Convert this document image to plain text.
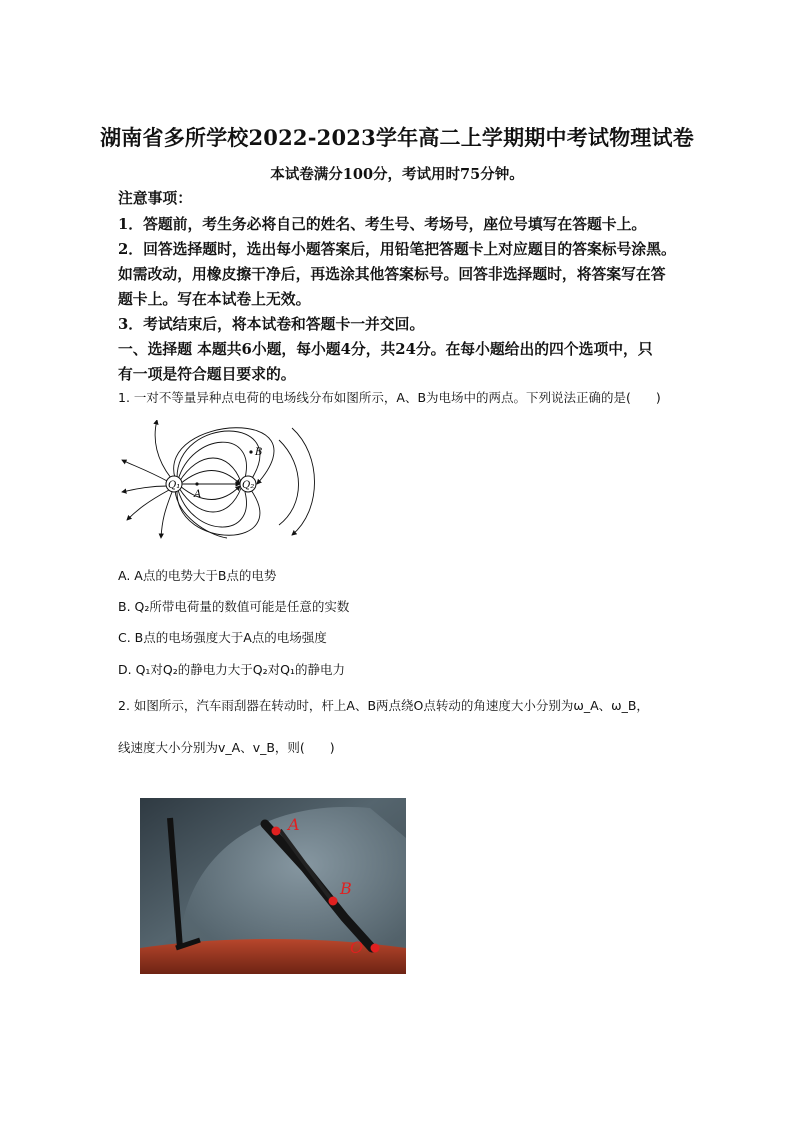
湖南省多所学校2022-2023学年高二上学期期中考试物理试卷
本试卷满分100分，考试用时75分钟。
注意事项：
1．答题前，考生务必将自己的姓名、考生号、考场号，座位号填写在答题卡上。
2．回答选择题时，选出每小题答案后，用铅笔把答题卡上对应题目的答案标号涂黑。
如需改动，用橡皮擦干净后，再选涂其他答案标号。回答非选择题时，将答案写在答
题卡上。写在本试卷上无效。
3．考试结束后，将本试卷和答题卡一并交回。
一、选择题 本题共6小题，每小题4分，共24分。在每小题给出的四个选项中，只
有一项是符合题目要求的。
1. 一对不等量异种点电荷的电场线分布如图所示，A、B为电场中的两点。下列说法正确的是(　　)
Q₁	Q₂
A
B
A. A点的电势大于B点的电势
B. Q₂所带电荷量的数值可能是任意的实数
C. B点的电场强度大于A点的电场强度
D. Q₁对Q₂的静电力大于Q₂对Q₁的静电力
2. 如图所示，汽车雨刮器在转动时，杆上A、B两点绕O点转动的角速度大小分别为ω_A、ω_B，
线速度大小分别为v_A、v_B，则(　　)
A
B
O
